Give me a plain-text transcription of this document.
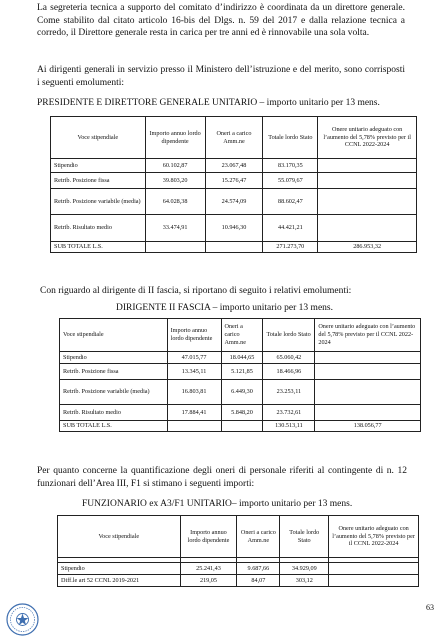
La segreteria tecnica a supporto del comitato d’indirizzo è coordinata da un direttore generale. Come stabilito dal citato articolo 16-bis del Dlgs. n. 59 del 2017 e dalla relazione tecnica a corredo, il Direttore generale resta in carica per tre anni ed è rinnovabile una sola volta.

Ai dirigenti generali in servizio presso il Ministero dell’istruzione e del merito, sono corrisposti i seguenti emolumenti:

PRESIDENTE E DIRETTORE GENERALE UNITARIO – importo unitario per 13 mens.
Voce stipendiale	Importo annuo lordo dipendente	Oneri a carico Amm.ne	Totale lordo Stato	Onere unitario adeguato con l’aumento del 5,78% previsto per il CCNL 2022-2024
Stipendio	60.102,87	23.067,48	83.170,35	
Retrib. Posizione fissa	39.803,20	15.276,47	55.079,67	
Retrib. Posizione variabile (media)	64.028,38	24.574,09	88.602,47	
Retrib. Risultato medio	33.474,91	10.946,30	44.421,21	
SUB TOTALE L.S.			271.273,70	286.953,32

Con riguardo al dirigente di II fascia, si riportano di seguito i relativi emolumenti:

DIRIGENTE II FASCIA – importo unitario per 13 mens.
Voce stipendiale	Importo annuo lordo dipendente	Oneri a carico Amm.ne	Totale lordo Stato	Onere unitario adeguato con l’aumento del 5,78% previsto per il CCNL 2022-2024
Stipendio	47.015,77	18.044,65	65.060,42	
Retrib. Posizione fissa	13.345,11	5.121,85	18.466,96	
Retrib. Posizione variabile (media)	16.803,81	6.449,30	23.253,11	
Retrib. Risultato medio	17.884,41	5.848,20	23.732,61	
SUB TOTALE L.S.			130.513,11	138.056,77

Per quanto concerne la quantificazione degli oneri di personale riferiti al contingente di n. 12 funzionari dell’Area III, F1 si stimano i seguenti importi:

FUNZIONARIO ex A3/F1 UNITARIO– importo unitario per 13 mens.
Voce stipendiale	Importo annuo lordo dipendente	Oneri a carico Amm.ne	Totale lordo Stato	Onere unitario adeguato con l’aumento del 5,78% previsto per il CCNL 2022-2024

Stipendio	25.241,43	9.687,66	34.929,09	
Diff.le art 52 CCNL 2019-2021	219,05	84,07	303,12	
63
